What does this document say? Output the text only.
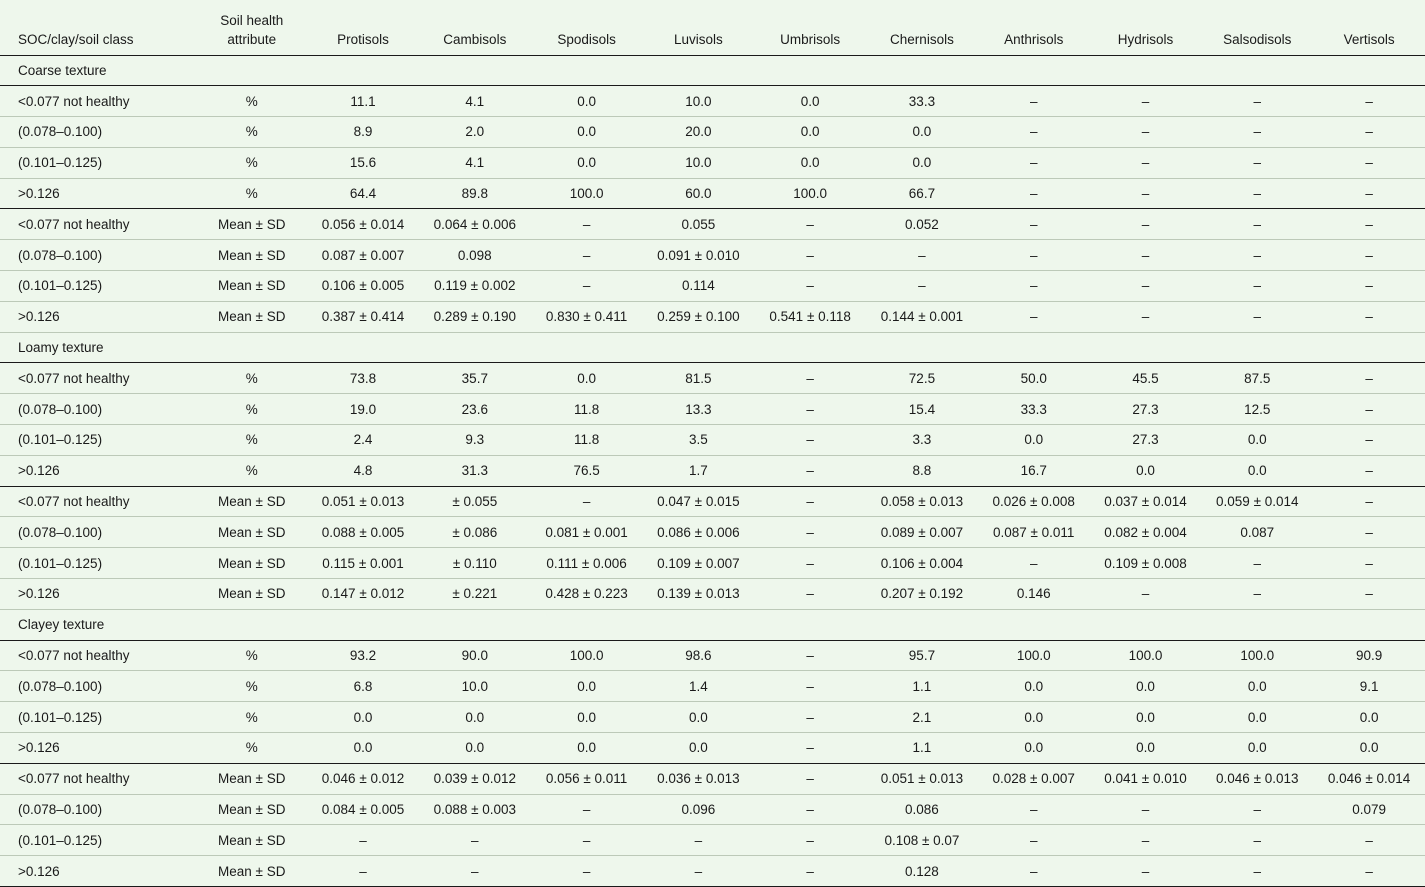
SOC/clay/soil class	Soil health attribute	Protisols	Cambisols	Spodisols	Luvisols	Umbrisols	Chernisols	Anthrisols	Hydrisols	Salsodisols	Vertisols
Coarse texture											
<0.077 not healthy	%	11.1	4.1	0.0	10.0	0.0	33.3	–	–	–	–
(0.078–0.100)	%	8.9	2.0	0.0	20.0	0.0	0.0	–	–	–	–
(0.101–0.125)	%	15.6	4.1	0.0	10.0	0.0	0.0	–	–	–	–
>0.126	%	64.4	89.8	100.0	60.0	100.0	66.7	–	–	–	–
<0.077 not healthy	Mean ± SD	0.056 ± 0.014	0.064 ± 0.006	–	0.055	–	0.052	–	–	–	–
(0.078–0.100)	Mean ± SD	0.087 ± 0.007	0.098	–	0.091 ± 0.010	–	–	–	–	–	–
(0.101–0.125)	Mean ± SD	0.106 ± 0.005	0.119 ± 0.002	–	0.114	–	–	–	–	–	–
>0.126	Mean ± SD	0.387 ± 0.414	0.289 ± 0.190	0.830 ± 0.411	0.259 ± 0.100	0.541 ± 0.118	0.144 ± 0.001	–	–	–	–
Loamy texture											
<0.077 not healthy	%	73.8	35.7	0.0	81.5	–	72.5	50.0	45.5	87.5	–
(0.078–0.100)	%	19.0	23.6	11.8	13.3	–	15.4	33.3	27.3	12.5	–
(0.101–0.125)	%	2.4	9.3	11.8	3.5	–	3.3	0.0	27.3	0.0	–
>0.126	%	4.8	31.3	76.5	1.7	–	8.8	16.7	0.0	0.0	–
<0.077 not healthy	Mean ± SD	0.051 ± 0.013	± 0.055	–	0.047 ± 0.015	–	0.058 ± 0.013	0.026 ± 0.008	0.037 ± 0.014	0.059 ± 0.014	–
(0.078–0.100)	Mean ± SD	0.088 ± 0.005	± 0.086	0.081 ± 0.001	0.086 ± 0.006	–	0.089 ± 0.007	0.087 ± 0.011	0.082 ± 0.004	0.087	–
(0.101–0.125)	Mean ± SD	0.115 ± 0.001	± 0.110	0.111 ± 0.006	0.109 ± 0.007	–	0.106 ± 0.004	–	0.109 ± 0.008	–	–
>0.126	Mean ± SD	0.147 ± 0.012	± 0.221	0.428 ± 0.223	0.139 ± 0.013	–	0.207 ± 0.192	0.146	–	–	–
Clayey texture											
<0.077 not healthy	%	93.2	90.0	100.0	98.6	–	95.7	100.0	100.0	100.0	90.9
(0.078–0.100)	%	6.8	10.0	0.0	1.4	–	1.1	0.0	0.0	0.0	9.1
(0.101–0.125)	%	0.0	0.0	0.0	0.0	–	2.1	0.0	0.0	0.0	0.0
>0.126	%	0.0	0.0	0.0	0.0	–	1.1	0.0	0.0	0.0	0.0
<0.077 not healthy	Mean ± SD	0.046 ± 0.012	0.039 ± 0.012	0.056 ± 0.011	0.036 ± 0.013	–	0.051 ± 0.013	0.028 ± 0.007	0.041 ± 0.010	0.046 ± 0.013	0.046 ± 0.014
(0.078–0.100)	Mean ± SD	0.084 ± 0.005	0.088 ± 0.003	–	0.096	–	0.086	–	–	–	0.079
(0.101–0.125)	Mean ± SD	–	–	–	–	–	0.108 ± 0.07	–	–	–	–
>0.126	Mean ± SD	–	–	–	–	–	0.128	–	–	–	–
